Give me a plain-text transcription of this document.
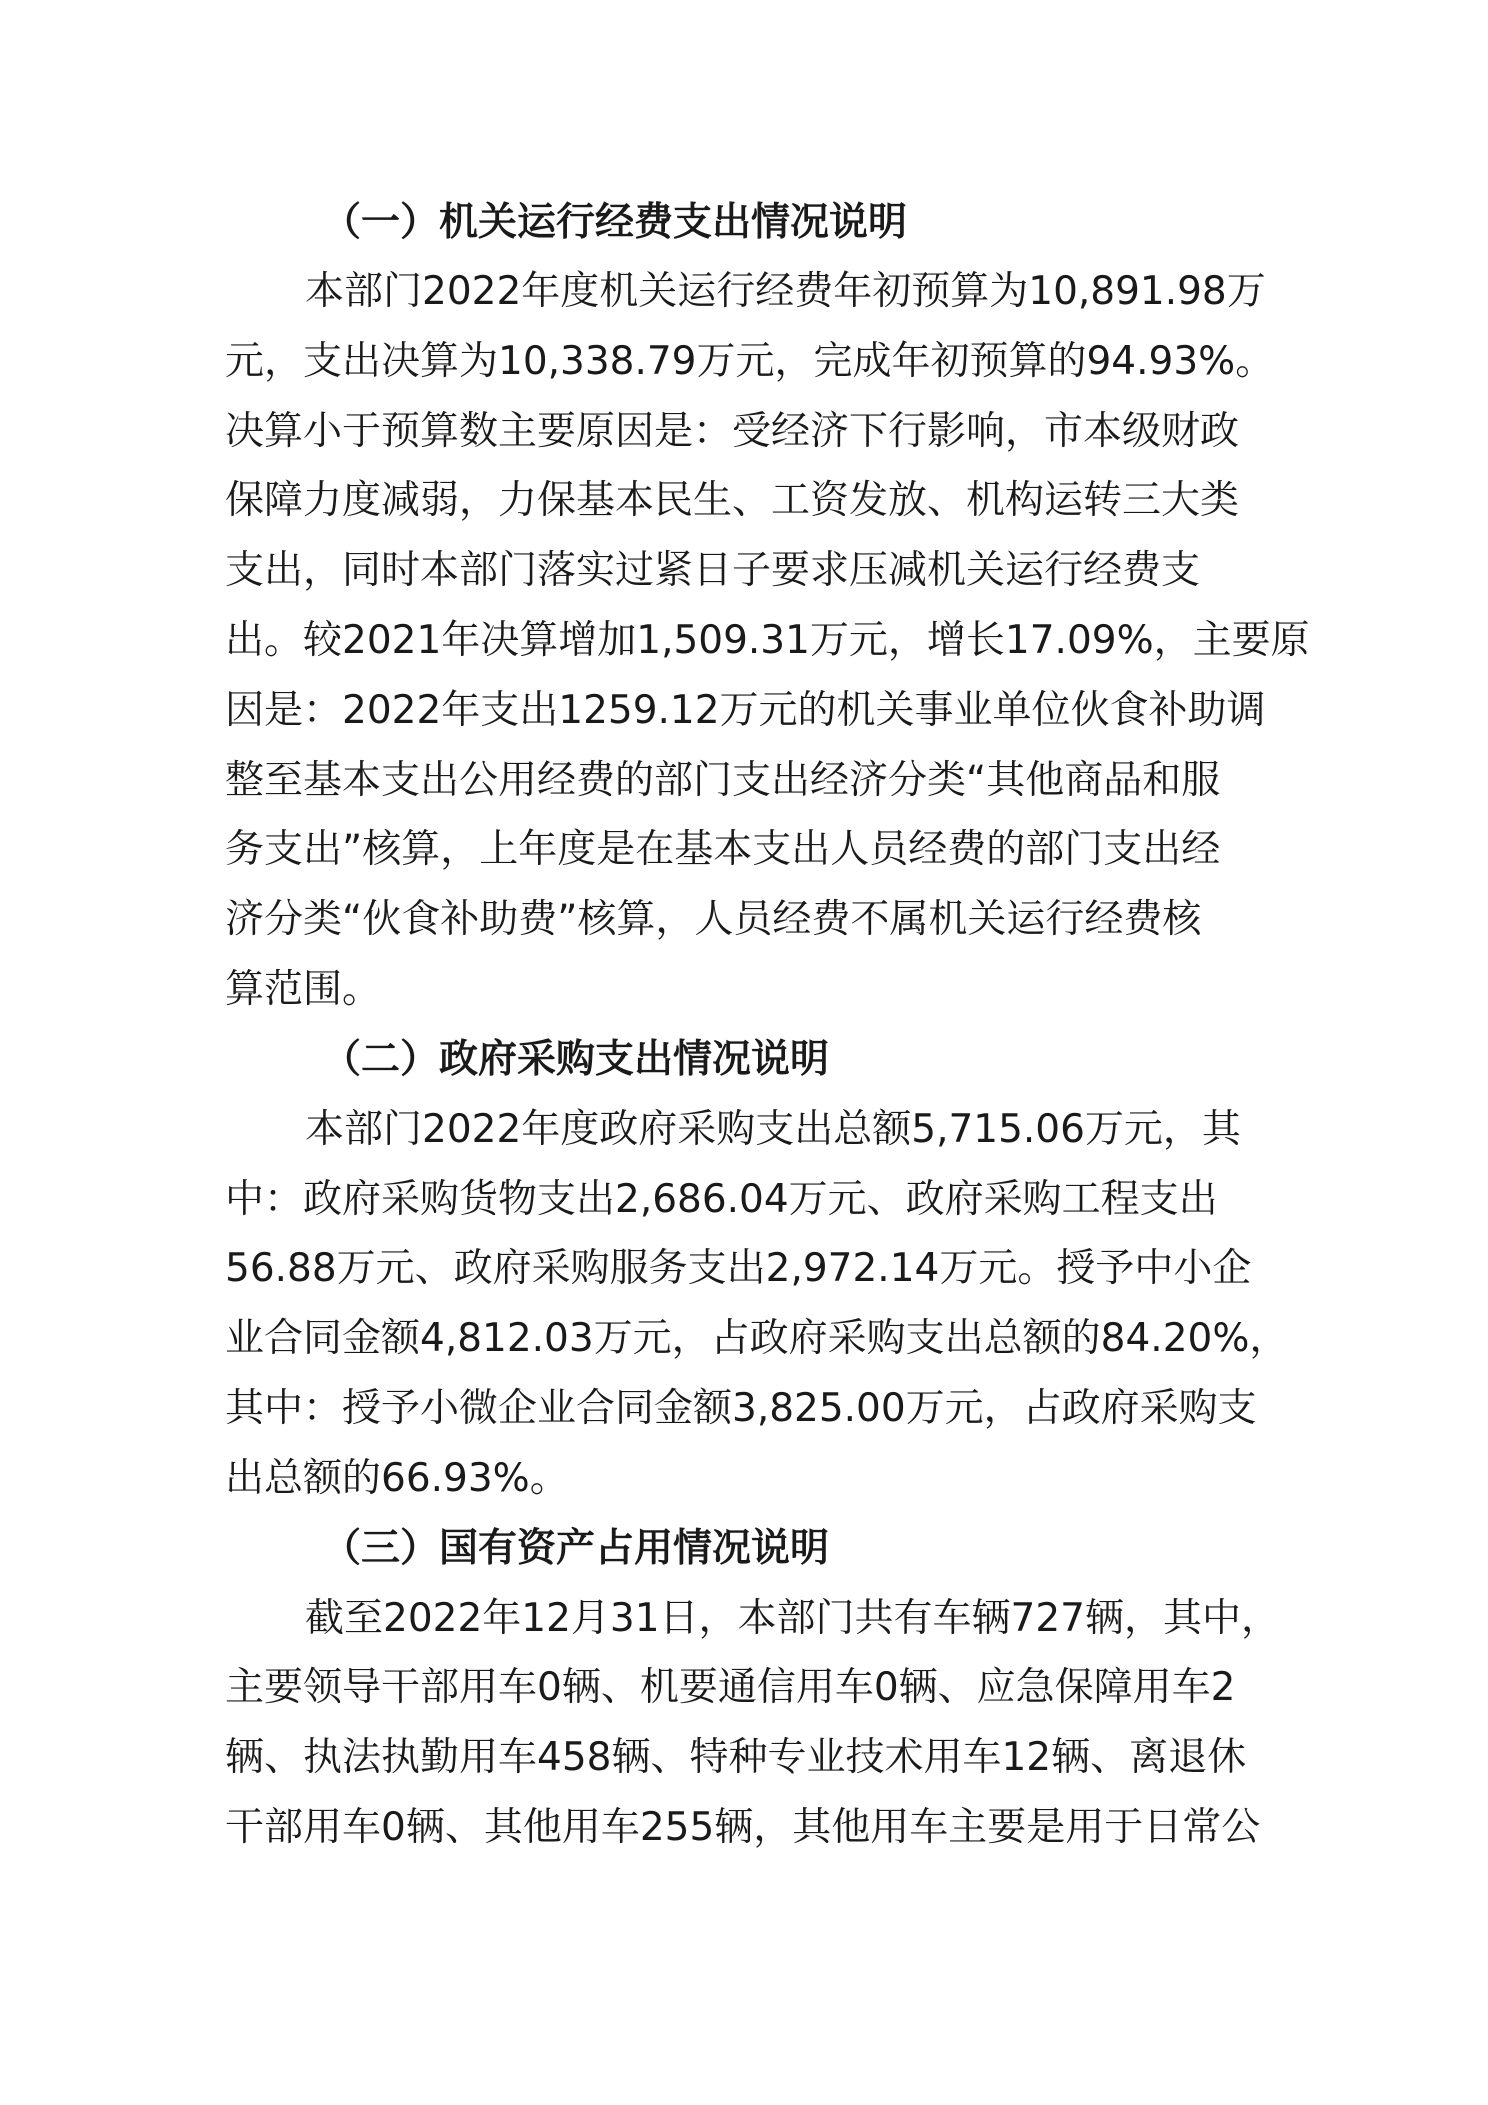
（一）机关运行经费支出情况说明
本部门2022年度机关运行经费年初预算为10,891.98万
元，支出决算为10,338.79万元，完成年初预算的94.93%。
决算小于预算数主要原因是：受经济下行影响，市本级财政
保障力度减弱，力保基本民生、工资发放、机构运转三大类
支出，同时本部门落实过紧日子要求压减机关运行经费支
出。较2021年决算增加1,509.31万元，增长17.09%，主要原
因是：2022年支出1259.12万元的机关事业单位伙食补助调
整至基本支出公用经费的部门支出经济分类“其他商品和服
务支出”核算，上年度是在基本支出人员经费的部门支出经
济分类“伙食补助费”核算，人员经费不属机关运行经费核
算范围。
（二）政府采购支出情况说明
本部门2022年度政府采购支出总额5,715.06万元，其
中：政府采购货物支出2,686.04万元、政府采购工程支出
56.88万元、政府采购服务支出2,972.14万元。授予中小企
业合同金额4,812.03万元，占政府采购支出总额的84.20%，
其中：授予小微企业合同金额3,825.00万元，占政府采购支
出总额的66.93%。
（三）国有资产占用情况说明
截至2022年12月31日，本部门共有车辆727辆，其中，
主要领导干部用车0辆、机要通信用车0辆、应急保障用车2
辆、执法执勤用车458辆、特种专业技术用车12辆、离退休
干部用车0辆、其他用车255辆，其他用车主要是用于日常公
